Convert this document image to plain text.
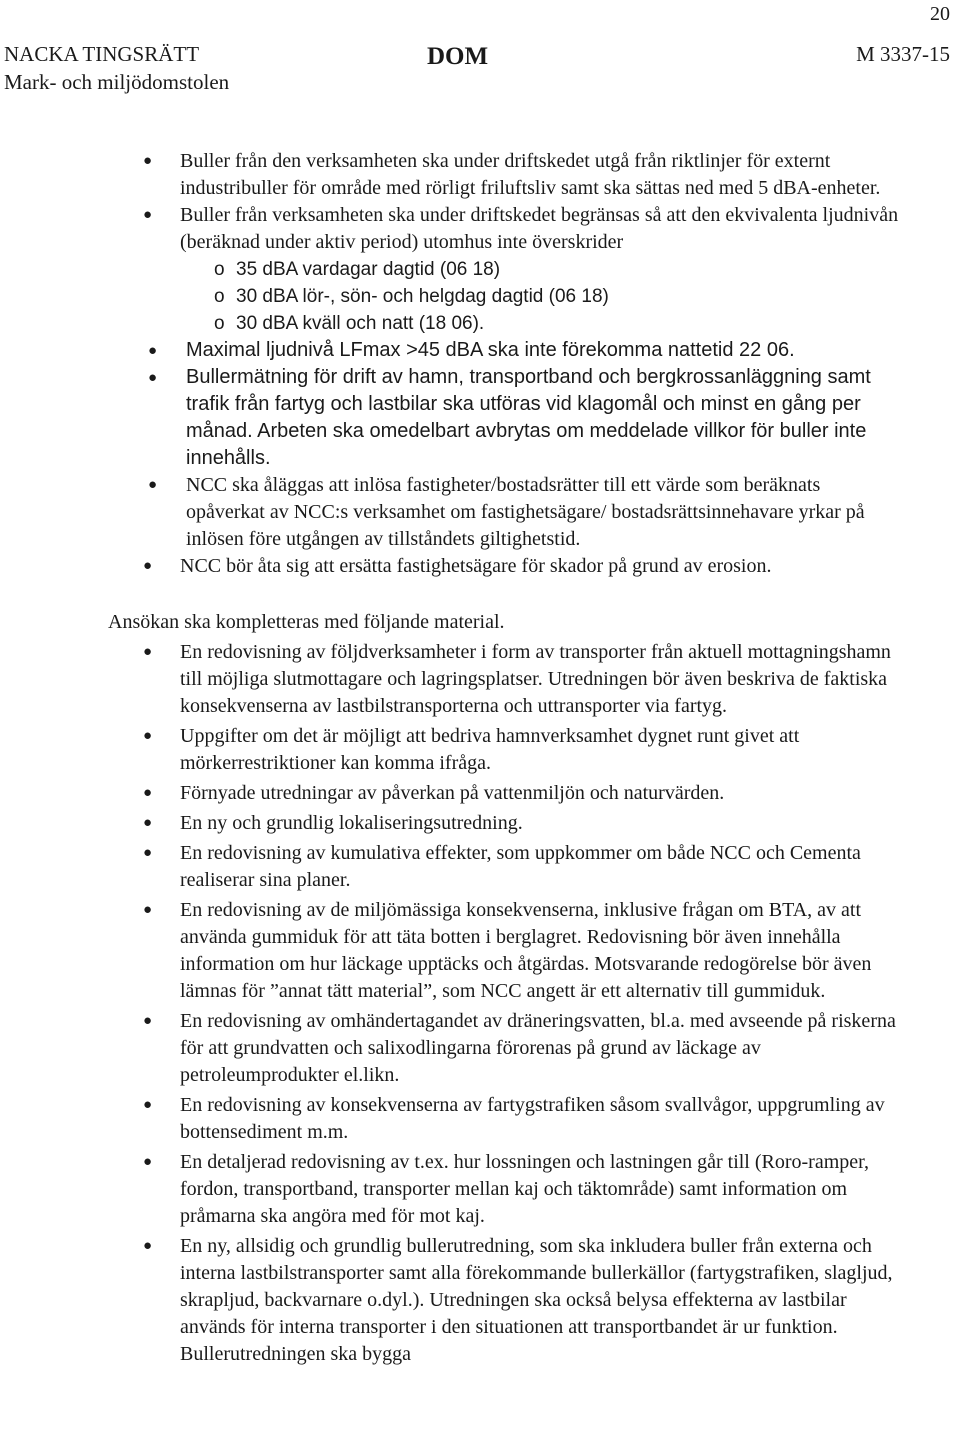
20
NACKA TINGSRÄTT
Mark- och miljödomstolen
DOM	M 3337-15
● Buller från den verksamheten ska under driftskedet utgå från riktlinjer för externt industribuller för område med rörligt friluftsliv samt ska sättas ned med 5 dBA-enheter.
● Buller från verksamheten ska under driftskedet begränsas så att den ekvivalenta ljudnivån (beräknad under aktiv period) utomhus inte överskrider
o 35 dBA vardagar dagtid (06 18)
o 30 dBA lör-, sön- och helgdag dagtid (06 18)
o 30 dBA kväll och natt (18 06).
● Maximal ljudnivå LFmax >45 dBA ska inte förekomma nattetid 22 06.
● Bullermätning för drift av hamn, transportband och bergkrossanläggning samt trafik från fartyg och lastbilar ska utföras vid klagomål och minst en gång per månad. Arbeten ska omedelbart avbrytas om meddelade villkor för buller inte innehålls.
● NCC ska åläggas att inlösa fastigheter/bostadsrätter till ett värde som beräknats opåverkat av NCC:s verksamhet om fastighetsägare/ bostadsrättsinnehavare yrkar på inlösen före utgången av tillståndets giltighetstid.
● NCC bör åta sig att ersätta fastighetsägare för skador på grund av erosion.

Ansökan ska kompletteras med följande material.

● En redovisning av följdverksamheter i form av transporter från aktuell mottagningshamn till möjliga slutmottagare och lagringsplatser. Utredningen bör även beskriva de faktiska konsekvenserna av lastbilstransporterna och uttransporter via fartyg.
● Uppgifter om det är möjligt att bedriva hamnverksamhet dygnet runt givet att mörkerrestriktioner kan komma ifråga.
● Förnyade utredningar av påverkan på vattenmiljön och naturvärden.
● En ny och grundlig lokaliseringsutredning.
● En redovisning av kumulativa effekter, som uppkommer om både NCC och Cementa realiserar sina planer.
● En redovisning av de miljömässiga konsekvenserna, inklusive frågan om BTA, av att använda gummiduk för att täta botten i berglagret. Redovisning bör även innehålla information om hur läckage upptäcks och åtgärdas. Motsvarande redogörelse bör även lämnas för ”annat tätt material”, som NCC angett är ett alternativ till gummiduk.
● En redovisning av omhändertagandet av dräneringsvatten, bl.a. med avseende på riskerna för att grundvatten och salixodlingarna förorenas på grund av läckage av petroleumprodukter el.likn.
● En redovisning av konsekvenserna av fartygstrafiken såsom svallvågor, uppgrumling av bottensediment m.m.
● En detaljerad redovisning av t.ex. hur lossningen och lastningen går till (Roro-ramper, fordon, transportband, transporter mellan kaj och täktområde) samt information om pråmarna ska angöra med för mot kaj.
● En ny, allsidig och grundlig bullerutredning, som ska inkludera buller från externa och interna lastbilstransporter samt alla förekommande bullerkällor (fartygstrafiken, slagljud, skrapljud, backvarnare o.dyl.). Utredningen ska också belysa effekterna av lastbilar används för interna transporter i den situationen att transportbandet är ur funktion. Bullerutredningen ska bygga
